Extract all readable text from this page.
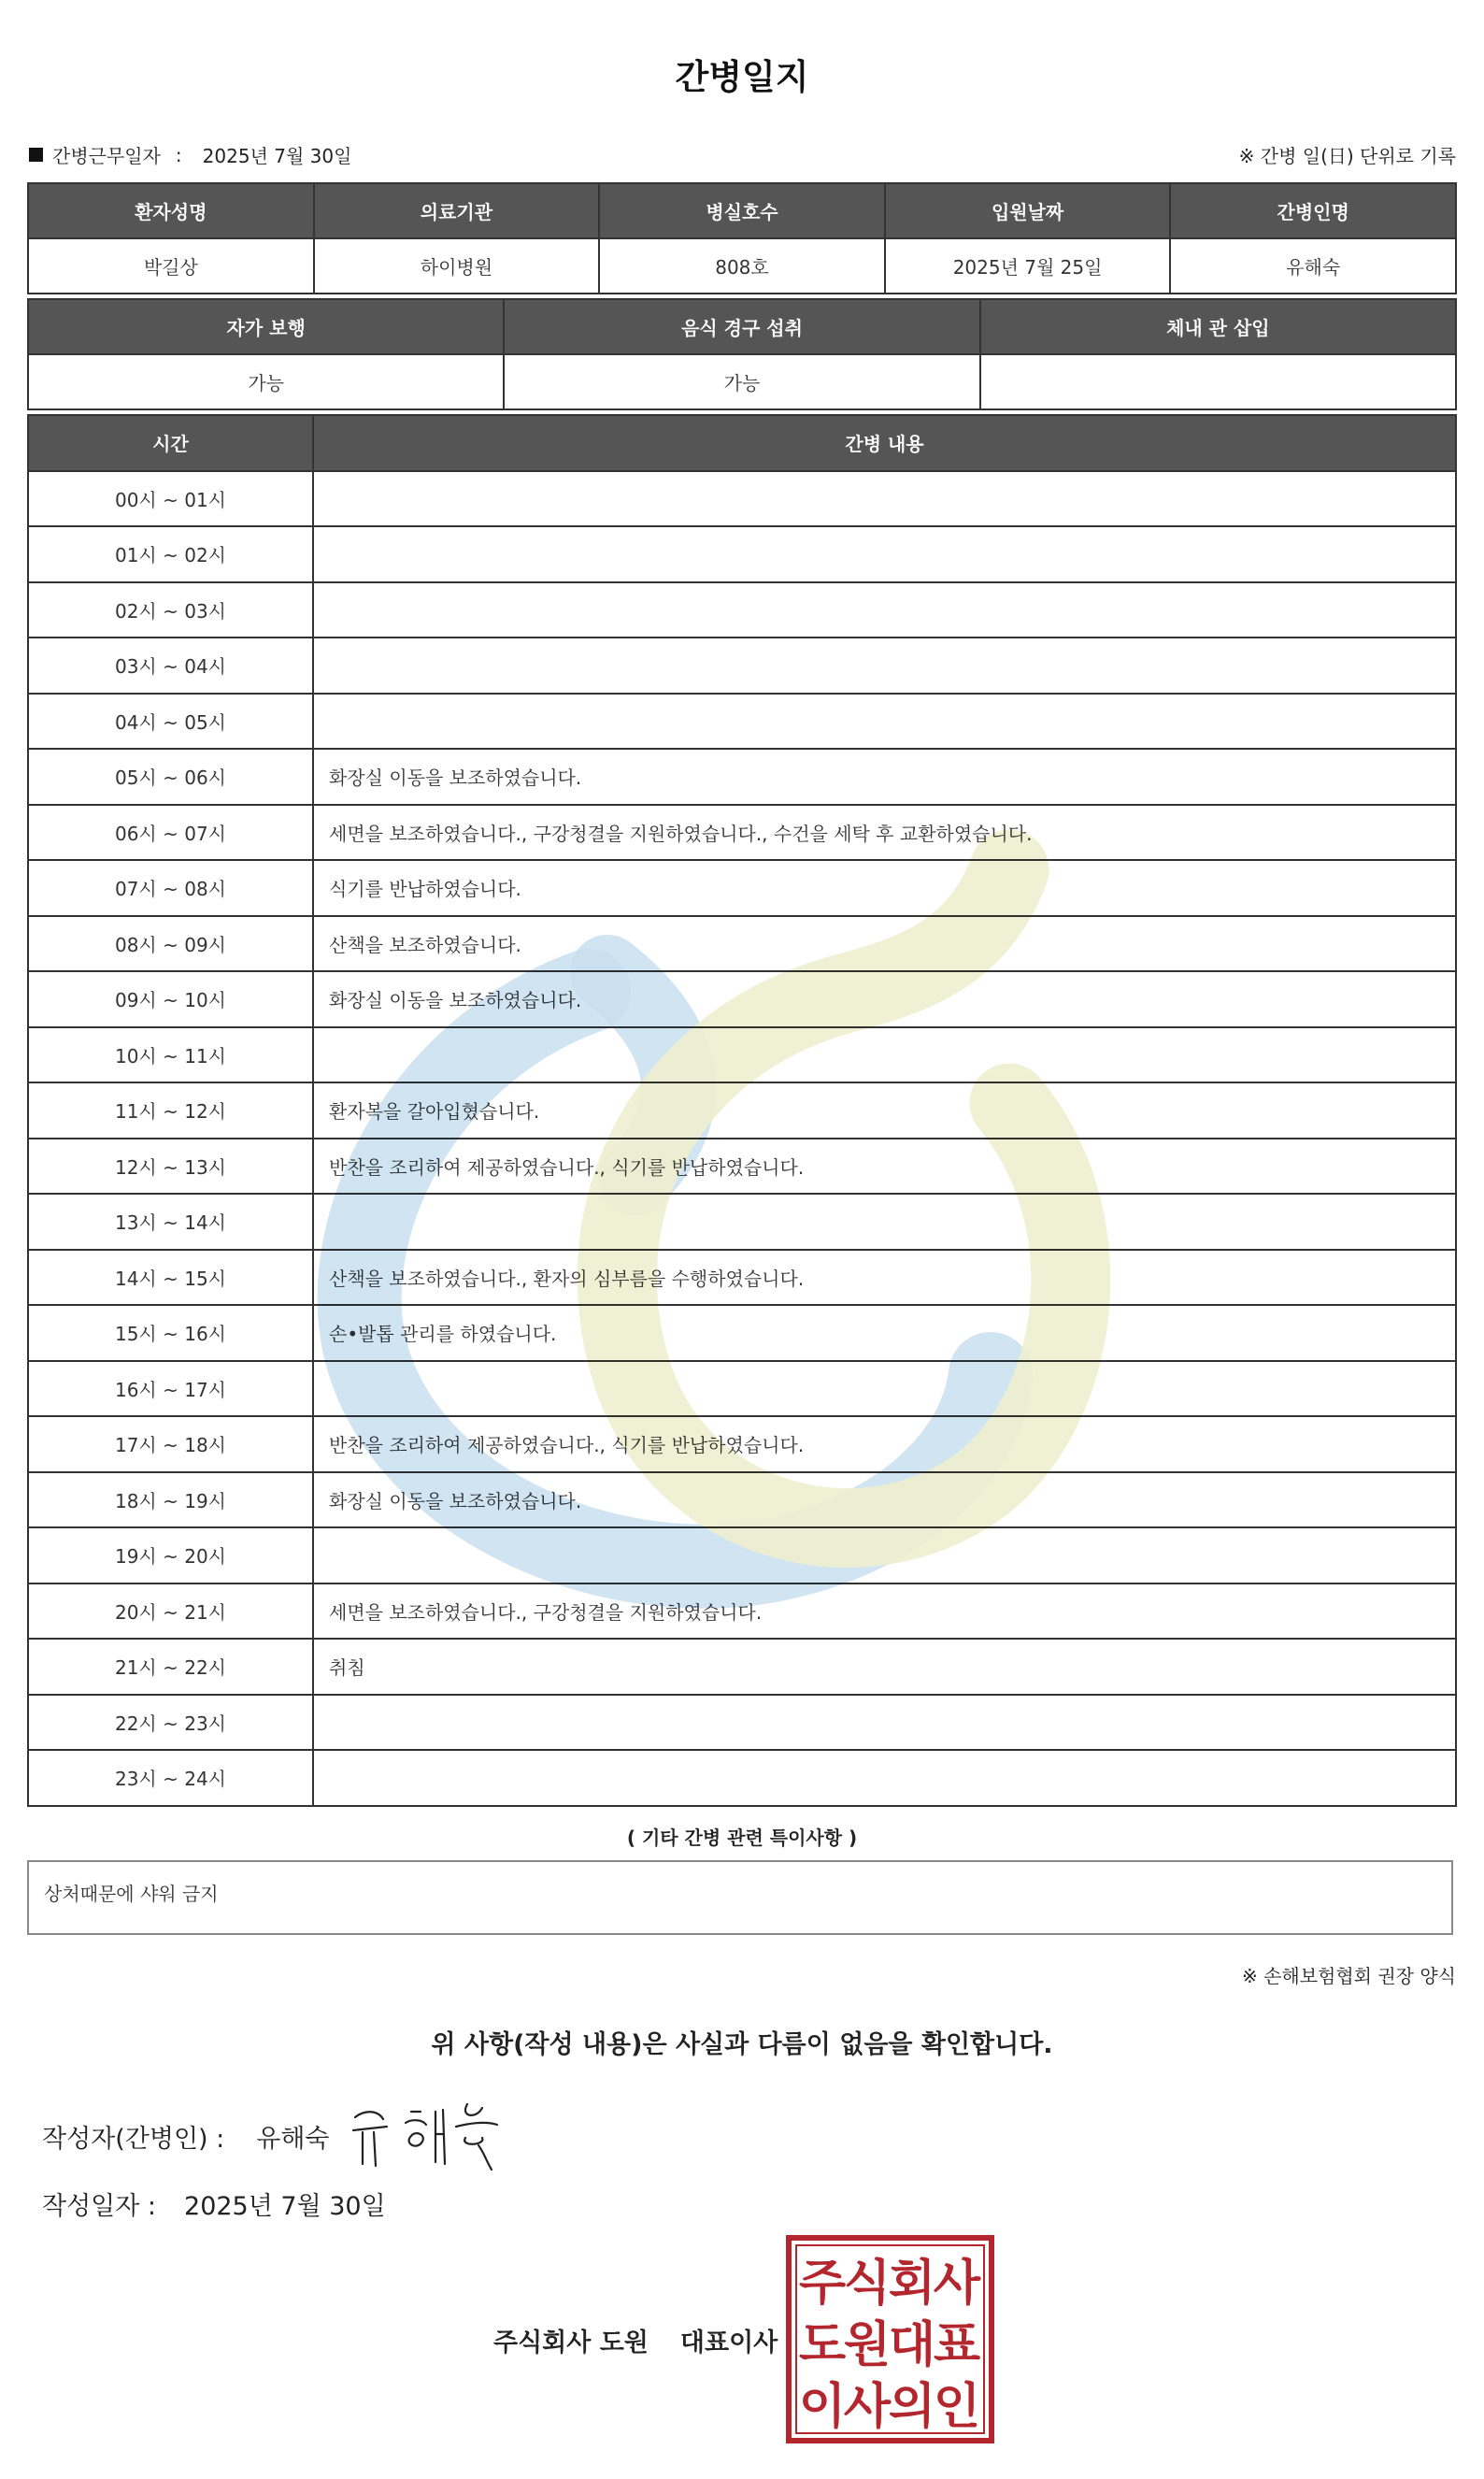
간병일지
간병근무일자 : 2025년 7월 30일	※ 간병 일(日) 단위로 기록
환자성명	의료기관	병실호수	입원날짜	간병인명
박길상	하이병원	808호	2025년 7월 25일	유해숙
자가 보행	음식 경구 섭취	체내 관 삽입
가능	가능	
시간	간병 내용
00시 ~ 01시	
01시 ~ 02시	
02시 ~ 03시	
03시 ~ 04시	
04시 ~ 05시	
05시 ~ 06시	화장실 이동을 보조하였습니다.
06시 ~ 07시	세면을 보조하였습니다., 구강청결을 지원하였습니다., 수건을 세탁 후 교환하였습니다.
07시 ~ 08시	식기를 반납하였습니다.
08시 ~ 09시	산책을 보조하였습니다.
09시 ~ 10시	화장실 이동을 보조하였습니다.
10시 ~ 11시	
11시 ~ 12시	환자복을 갈아입혔습니다.
12시 ~ 13시	반찬을 조리하여 제공하였습니다., 식기를 반납하였습니다.
13시 ~ 14시	
14시 ~ 15시	산책을 보조하였습니다., 환자의 심부름을 수행하였습니다.
15시 ~ 16시	손•발톱 관리를 하였습니다.
16시 ~ 17시	
17시 ~ 18시	반찬을 조리하여 제공하였습니다., 식기를 반납하였습니다.
18시 ~ 19시	화장실 이동을 보조하였습니다.
19시 ~ 20시	
20시 ~ 21시	세면을 보조하였습니다., 구강청결을 지원하였습니다.
21시 ~ 22시	취침
22시 ~ 23시	
23시 ~ 24시	
( 기타 간병 관련 특이사항 )
상처때문에 샤워 금지
※ 손해보험협회 권장 양식
위 사항(작성 내용)은 사실과 다름이 없음을 확인합니다.
작성자(간병인) : 유해숙
작성일자 : 2025년 7월 30일
주식회사 도원 대표이사
주
식
회
사
도
원
대
표
이
사
의
인
